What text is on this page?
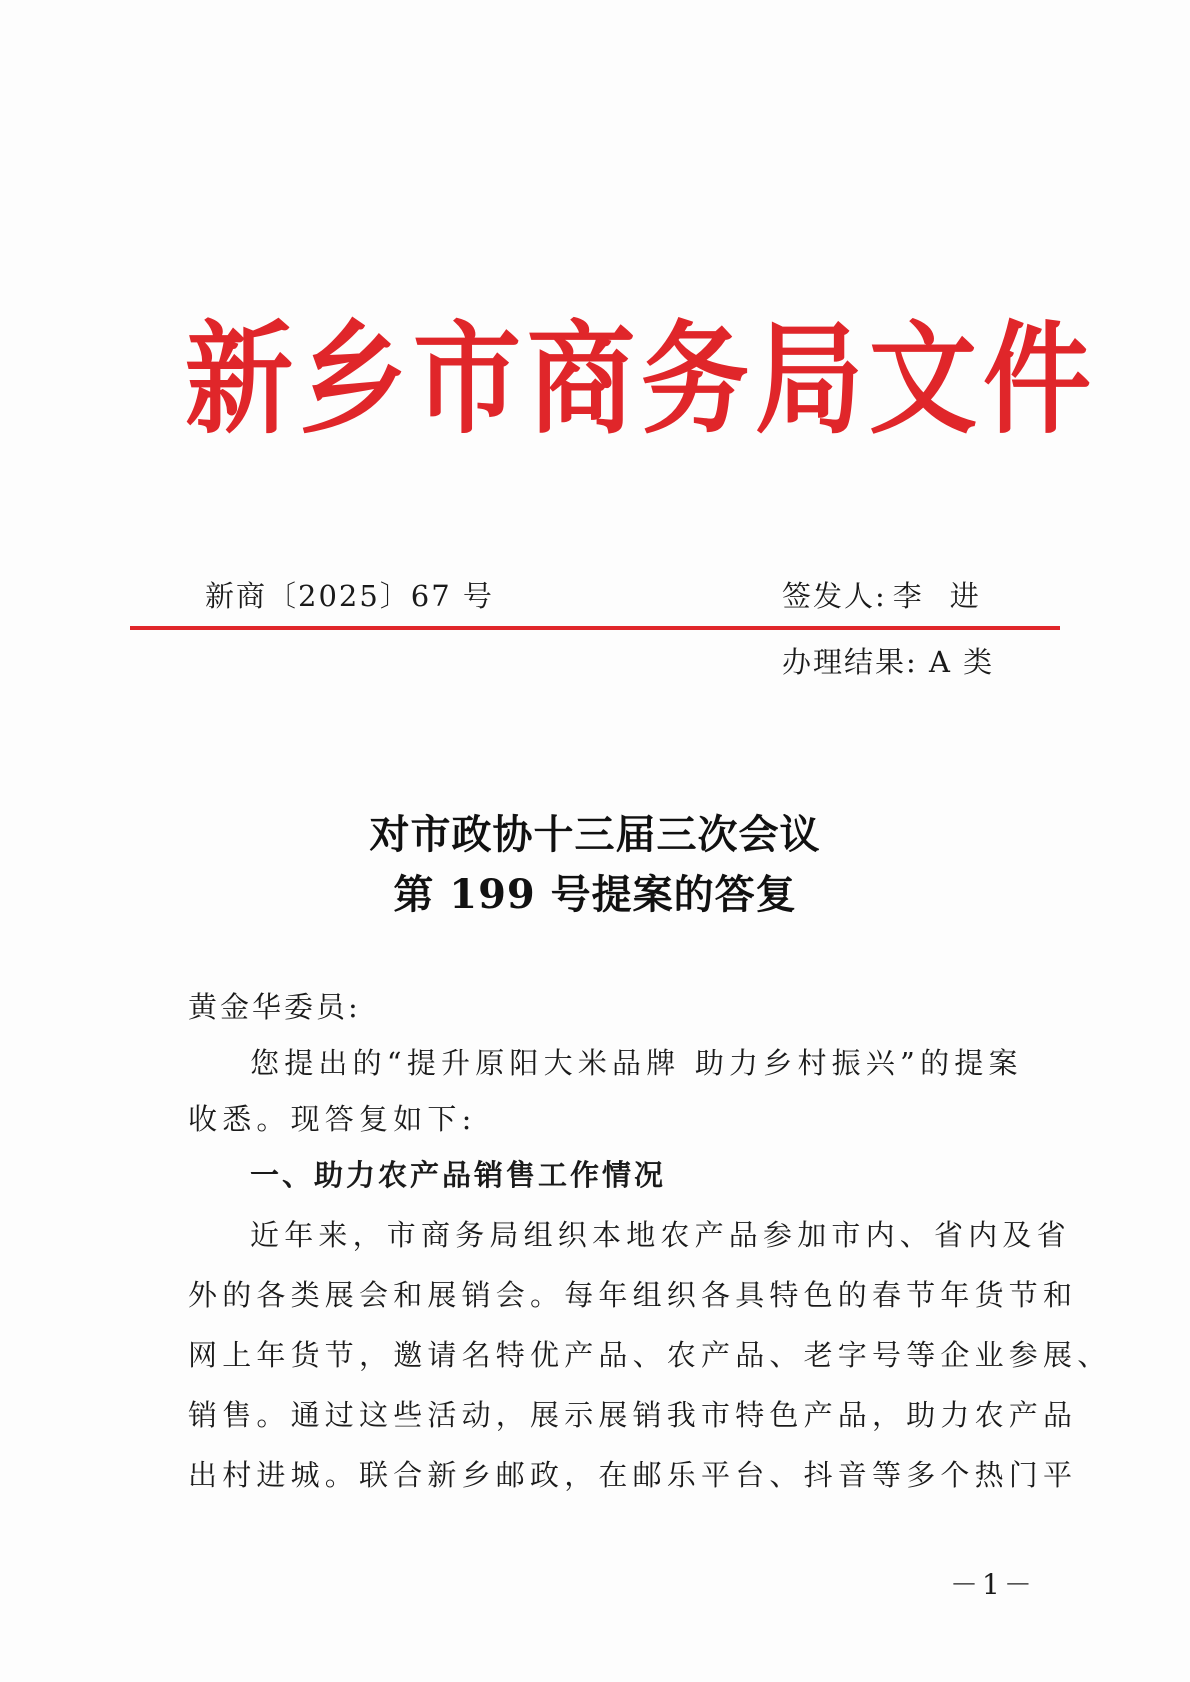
新乡市商务局文件
新商〔2025〕67 号	签发人: 李进
办理结果: A 类
对市政协十三届三次会议
第 199 号提案的答复
黄金华委员:
您提出的“提升原阳大米品牌 助力乡村振兴”的提案
收悉。现答复如下:
一、助力农产品销售工作情况
近年来，市商务局组织本地农产品参加市内、省内及省
外的各类展会和展销会。每年组织各具特色的春节年货节和
网上年货节，邀请名特优产品、农产品、老字号等企业参展、
销售。通过这些活动，展示展销我市特色产品，助力农产品
出村进城。联合新乡邮政，在邮乐平台、抖音等多个热门平
－1－
